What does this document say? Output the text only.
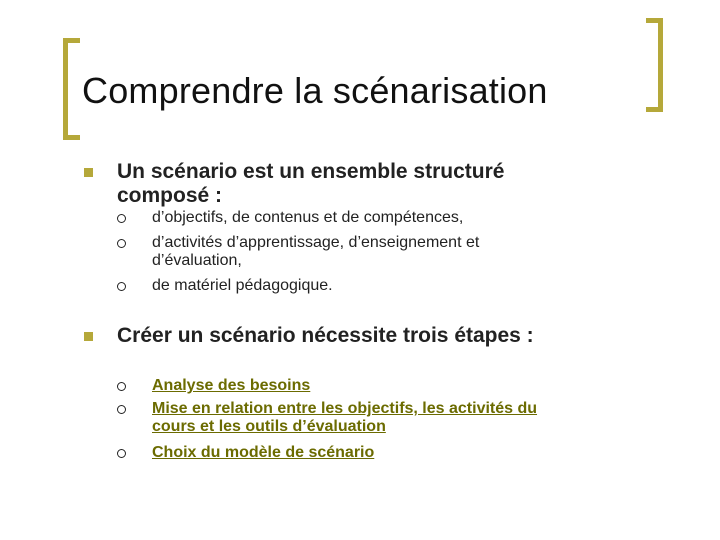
Comprendre la scénarisation
Un scénario est un ensemble structuré
composé :
d’objectifs, de contenus et de compétences,
d’activités d’apprentissage, d’enseignement et
d’évaluation,
de matériel pédagogique.
Créer un scénario nécessite trois étapes :
Analyse des besoins
Mise en relation entre les objectifs, les activités du
cours et les outils d’évaluation
Choix du modèle de scénario
